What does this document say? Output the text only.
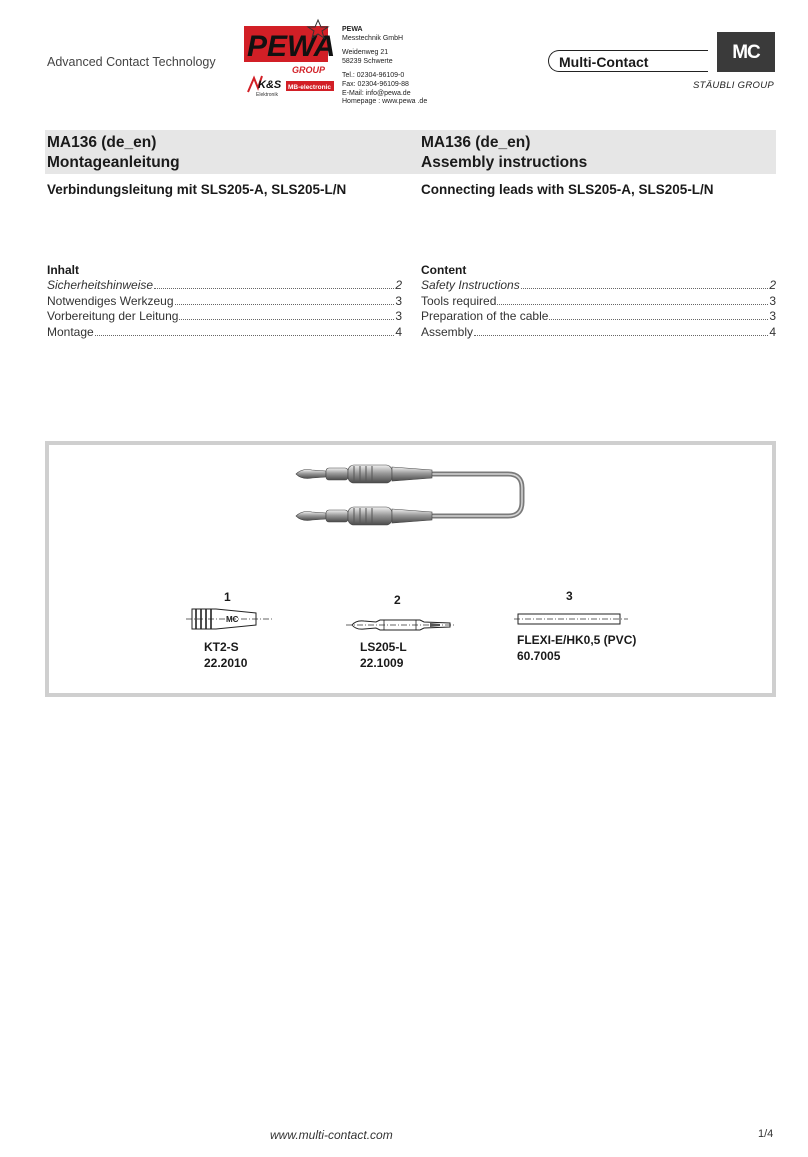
Advanced Contact Technology PEWA
GROUP
K&S
Elektronik
MB-electronic
PEWA
Messtechnik GmbH
Weidenweg 21
58239 Schwerte
Tel.: 02304-96109-0
Fax: 02304-96109-88
E-Mail: info@pewa.de
Homepage : www.pewa .de
Multi-Contact	MC
STÄUBLI GROUP
MA136 (de_en)
Montageanleitung
MA136 (de_en)
Assembly instructions
Verbindungsleitung mit SLS205-A, SLS205-L/N	Connecting leads with SLS205-A, SLS205-L/N
Inhalt
Sicherheitshinweise	2
Notwendiges Werkzeug	3
Vorbereitung der Leitung	3
Montage	4
Content
Safety Instructions	2
Tools required	3
Preparation of the cable	3
Assembly	4
1
MC
KT2-S
22.2010
2
LS205-L
22.1009
3
FLEXI-E/HK0,5 (PVC)
60.7005
www.multi-contact.com	1/4
